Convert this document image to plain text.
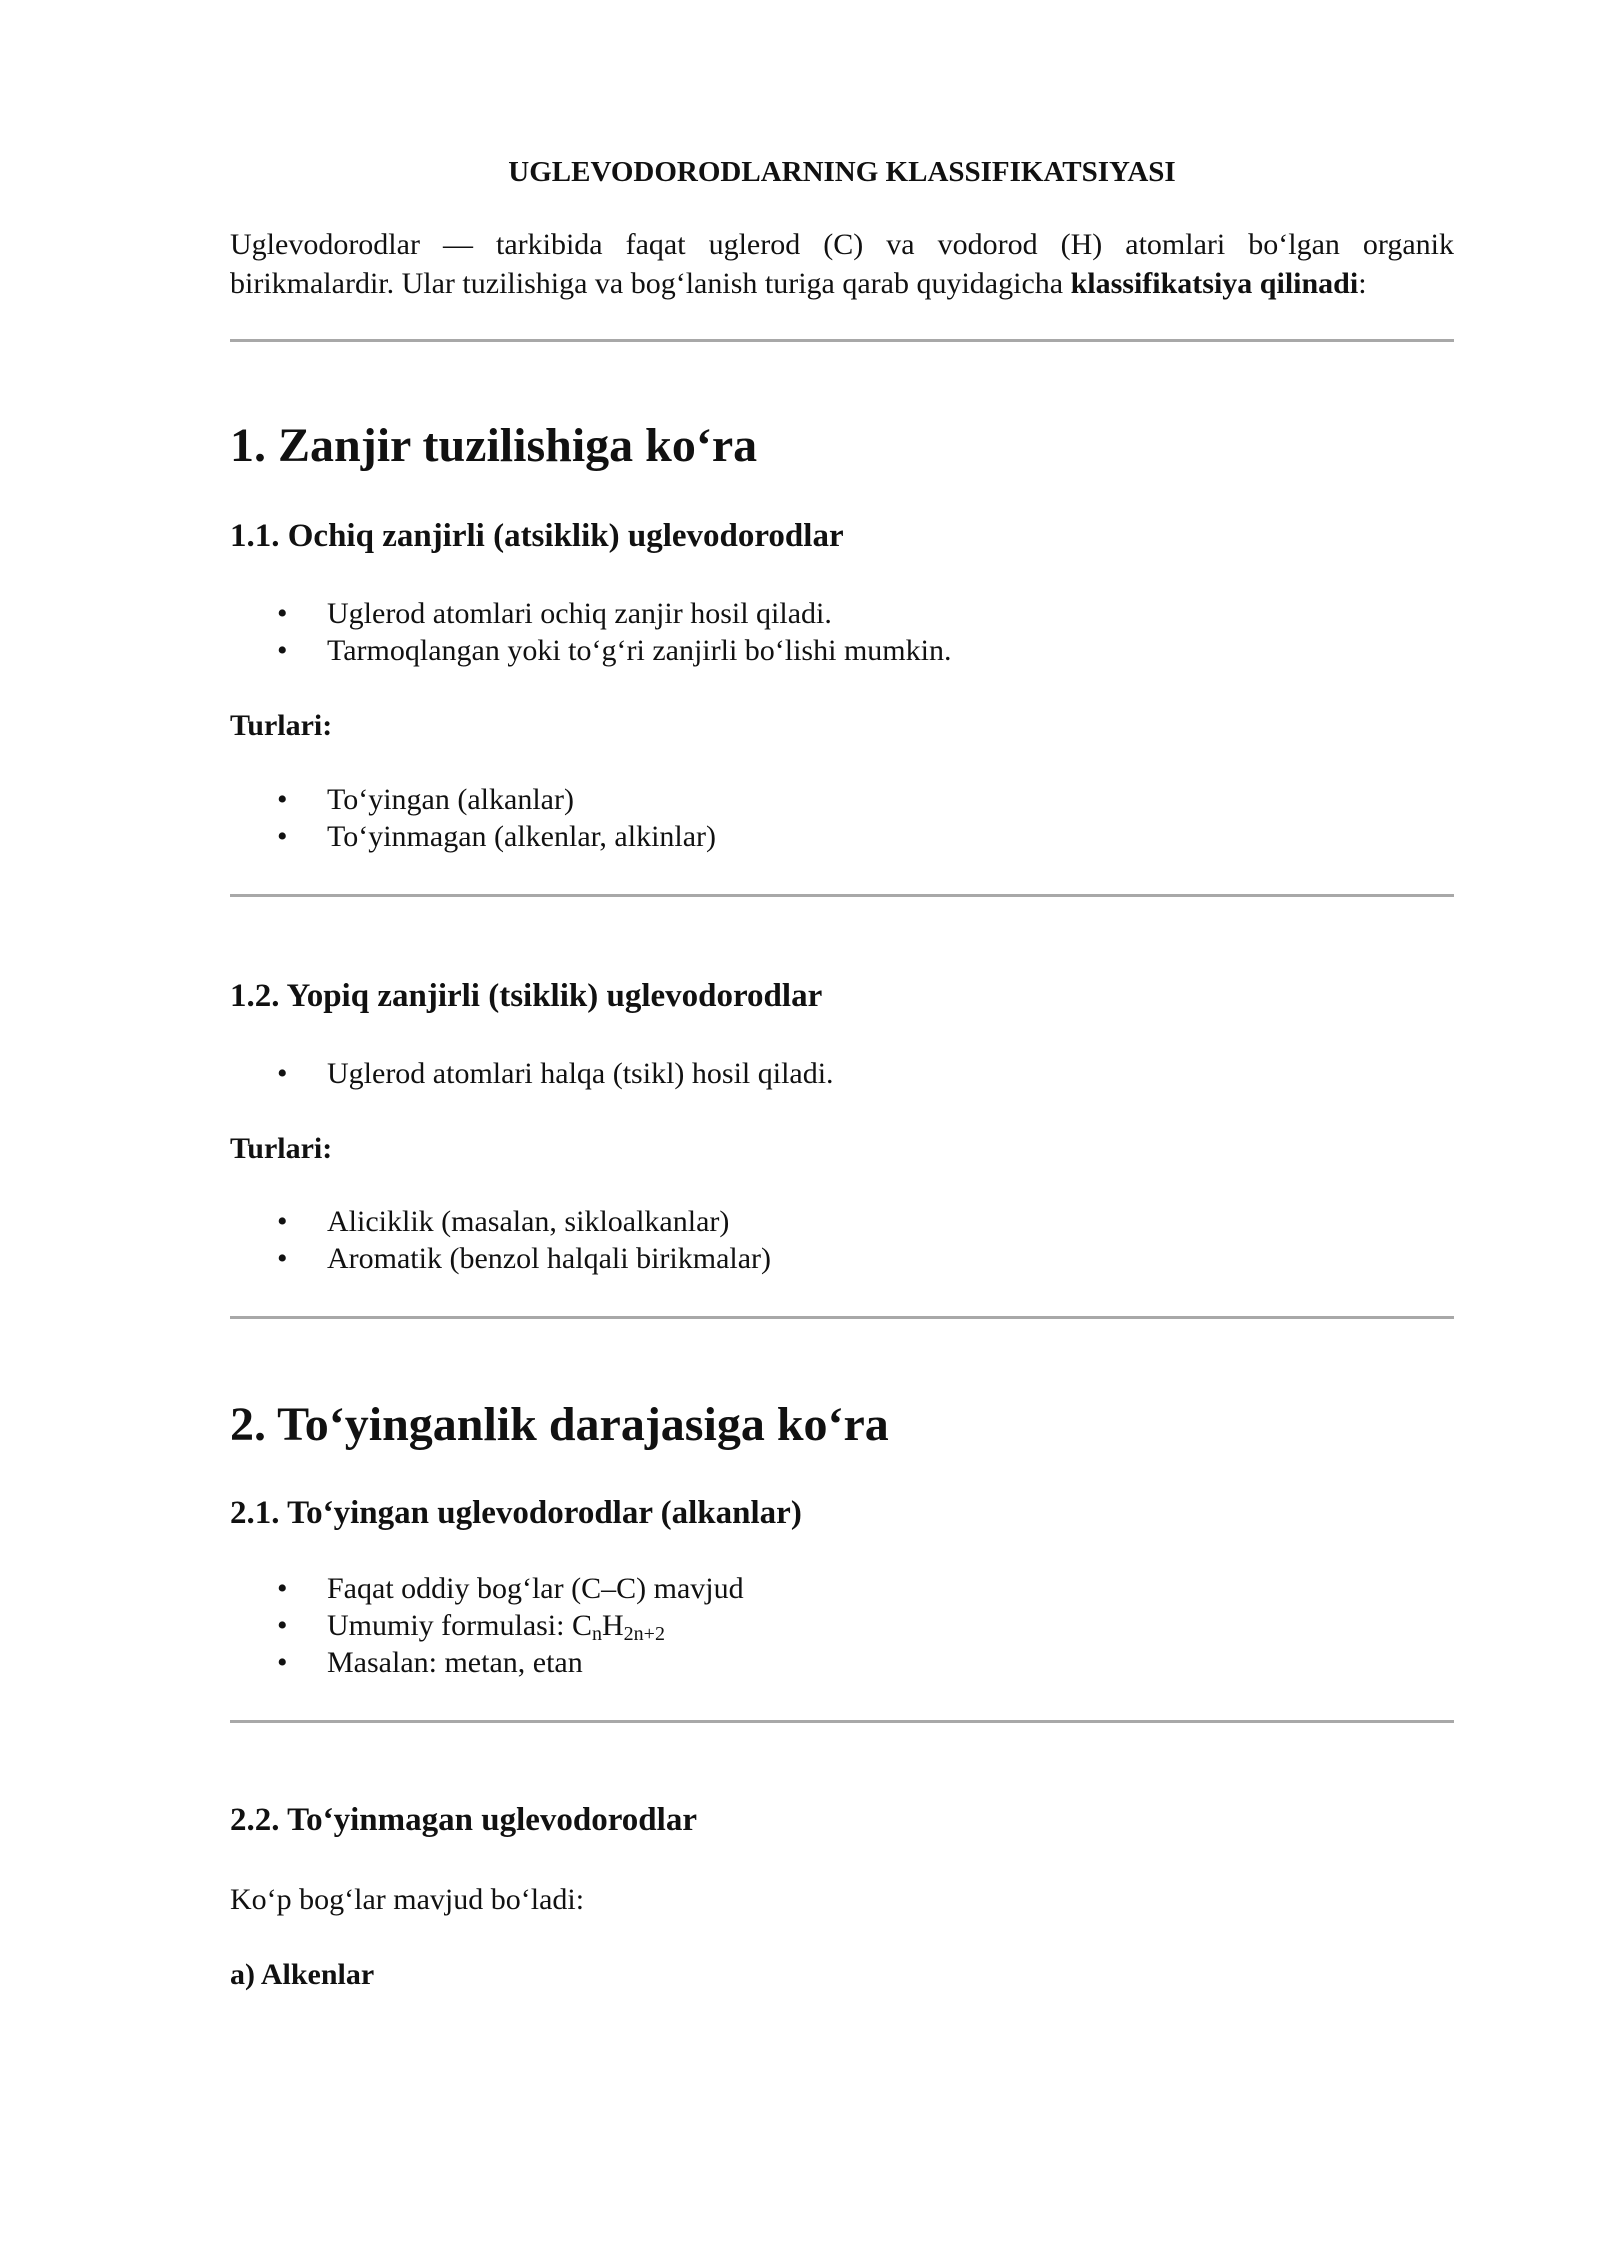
UGLEVODORODLARNING KLASSIFIKATSIYASI

Uglevodorodlar — tarkibida faqat uglerod (C) va vodorod (H) atomlari bo‘lgan organik birikmalardir. Ular tuzilishiga va bog‘lanish turiga qarab quyidagicha klassifikatsiya qilinadi:

1. Zanjir tuzilishiga ko‘ra
1.1. Ochiq zanjirli (atsiklik) uglevodorodlar
• Uglerod atomlari ochiq zanjir hosil qiladi.
• Tarmoqlangan yoki to‘g‘ri zanjirli bo‘lishi mumkin.

Turlari:

• To‘yingan (alkanlar)
• To‘yinmagan (alkenlar, alkinlar)
1.2. Yopiq zanjirli (tsiklik) uglevodorodlar
• Uglerod atomlari halqa (tsikl) hosil qiladi.

Turlari:

• Aliciklik (masalan, sikloalkanlar)
• Aromatik (benzol halqali birikmalar)
2. To‘yinganlik darajasiga ko‘ra
2.1. To‘yingan uglevodorodlar (alkanlar)
• Faqat oddiy bog‘lar (C–C) mavjud
• Umumiy formulasi: $C_nH_{2n+2}$
• Masalan: metan, etan
2.2. To‘yinmagan uglevodorodlar

Ko‘p bog‘lar mavjud bo‘ladi:

a) Alkenlar
